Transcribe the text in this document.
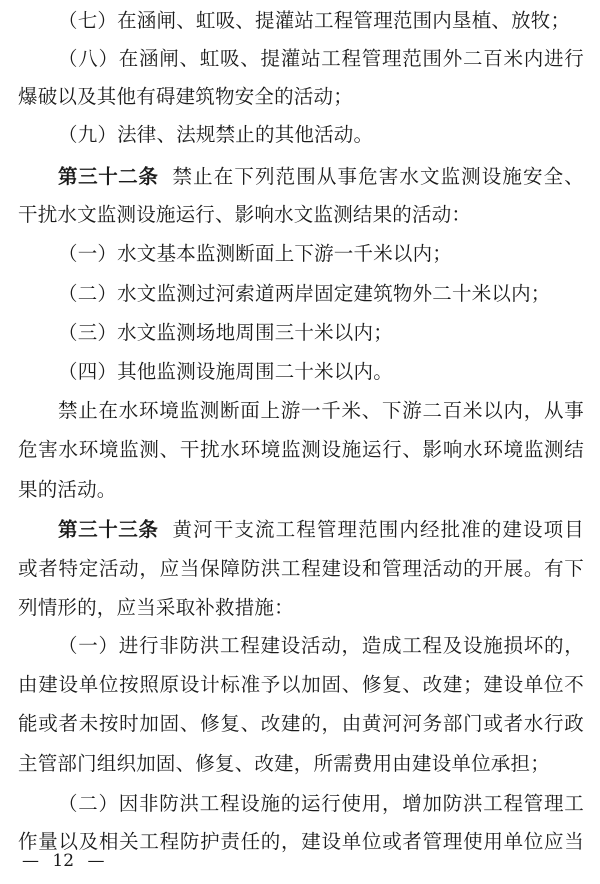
（七）在涵闸、虹吸、提灌站工程管理范围内垦植、放牧；
（八）在涵闸、虹吸、提灌站工程管理范围外二百米内进行
爆破以及其他有碍建筑物安全的活动；
（九）法律、法规禁止的其他活动。
第三十二条 禁止在下列范围从事危害水文监测设施安全、
干扰水文监测设施运行、影响水文监测结果的活动：
（一）水文基本监测断面上下游一千米以内；
（二）水文监测过河索道两岸固定建筑物外二十米以内；
（三）水文监测场地周围三十米以内；
（四）其他监测设施周围二十米以内。
禁止在水环境监测断面上游一千米、下游二百米以内，从事
危害水环境监测、干扰水环境监测设施运行、影响水环境监测结
果的活动。
第三十三条 黄河干支流工程管理范围内经批准的建设项目
或者特定活动，应当保障防洪工程建设和管理活动的开展。有下
列情形的，应当采取补救措施：
（一）进行非防洪工程建设活动，造成工程及设施损坏的，
由建设单位按照原设计标准予以加固、修复、改建；建设单位不
能或者未按时加固、修复、改建的，由黄河河务部门或者水行政
主管部门组织加固、修复、改建，所需费用由建设单位承担；
（二）因非防洪工程设施的运行使用，增加防洪工程管理工
作量以及相关工程防护责任的，建设单位或者管理使用单位应当
— 12 —
